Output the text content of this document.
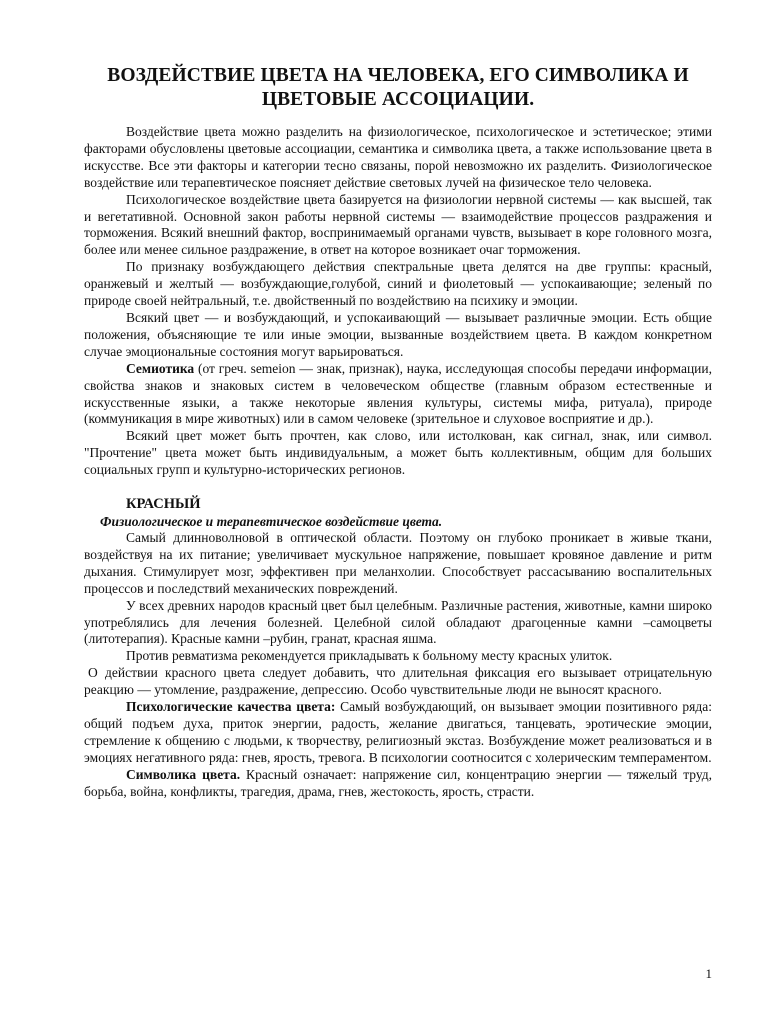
ВОЗДЕЙСТВИЕ ЦВЕТА НА ЧЕЛОВЕКА, ЕГО СИМВОЛИКА И ЦВЕТОВЫЕ АССОЦИАЦИИ.

Воздействие цвета можно разделить на физиологическое, психологическое и эстетическое; этими факторами обусловлены цветовые ассоциации, семантика и символика цвета, а также использование цвета в искусстве. Все эти факторы и категории тесно связаны, порой невозможно их разделить. Физиологическое воздействие или терапевтическое поясняет действие световых лучей на физическое тело человека.

Психологическое воздействие цвета базируется на физиологии нервной системы — как высшей, так и вегетативной. Основной закон работы нервной системы — взаимодействие процессов раздражения и торможения. Всякий внешний фактор, воспринимаемый органами чувств, вызывает в коре головного мозга, более или менее сильное раздражение, в ответ на которое возникает очаг торможения.

По признаку возбуждающего действия спектральные цвета делятся на две группы: красный, оранжевый и желтый — возбуждающие,голубой, синий и фиолетовый — успокаивающие; зеленый по природе своей нейтральный, т.е. двойственный по воздействию на психику и эмоции.

Всякий цвет — и возбуждающий, и успокаивающий — вызывает различные эмоции. Есть общие положения, объясняющие те или иные эмоции, вызванные воздействием цвета. В каждом конкретном случае эмоциональные состояния могут варьироваться.

Семиотика (от греч. semeion — знак, признак), наука, исследующая способы передачи информации, свойства знаков и знаковых систем в человеческом обществе (главным образом естественные и искусственные языки, а также некоторые явления культуры, системы мифа, ритуала), природе (коммуникация в мире животных) или в самом человеке (зрительное и слуховое восприятие и др.).

Всякий цвет может быть прочтен, как слово, или истолкован, как сигнал, знак, или символ. "Прочтение" цвета может быть индивидуальным, а может быть коллективным, общим для больших социальных групп и культурно-исторических регионов.

КРАСНЫЙ
Физиологическое и терапевтическое воздействие цвета.

Самый длинноволновой в оптической области. Поэтому он глубоко проникает в живые ткани, воздействуя на их питание; увеличивает мускульное напряжение, повышает кровяное давление и ритм дыхания. Стимулирует мозг, эффективен при меланхолии. Способствует рассасыванию воспалительных процессов и последствий механических повреждений.

У всех древних народов красный цвет был целебным. Различные растения, животные, камни широко употреблялись для лечения болезней. Целебной силой обладают драгоценные камни –самоцветы (литотерапия). Красные камни –рубин, гранат, красная яшма.

Против ревматизма рекомендуется прикладывать к больному месту красных улиток.

О действии красного цвета следует добавить, что длительная фиксация его вызывает отрицательную реакцию — утомление, раздражение, депрессию. Особо чувствительные люди не выносят красного.

Психологические качества цвета: Самый возбуждающий, он вызывает эмоции позитивного ряда: общий подъем духа, приток энергии, радость, желание двигаться, танцевать, эротические эмоции, стремление к общению с людьми, к творчеству, религиозный экстаз. Возбуждение может реализоваться и в эмоциях негативного ряда: гнев, ярость, тревога. В психологии соотносится с холерическим темпераментом.

Символика цвета. Красный означает: напряжение сил, концентрацию энергии — тяжелый труд, борьба, война, конфликты, трагедия, драма, гнев, жестокость, ярость, страсти.

1
